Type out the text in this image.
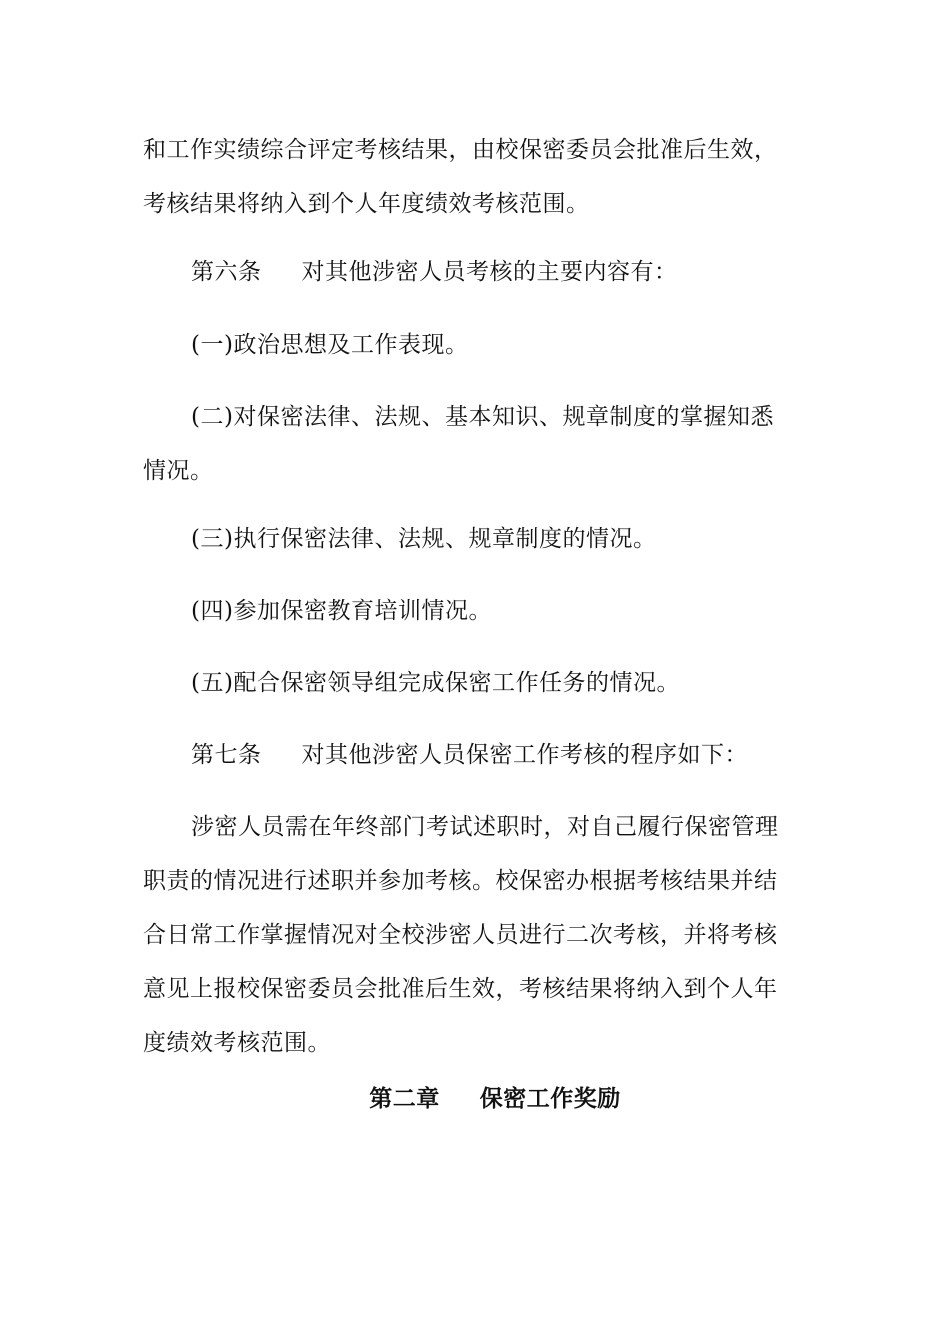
和工作实绩综合评定考核结果，由校保密委员会批准后生效，考核结果将纳入到个人年度绩效考核范围。

第六条 对其他涉密人员考核的主要内容有：

(一)政治思想及工作表现。

(二)对保密法律、法规、基本知识、规章制度的掌握知悉情况。

(三)执行保密法律、法规、规章制度的情况。

(四)参加保密教育培训情况。

(五)配合保密领导组完成保密工作任务的情况。

第七条 对其他涉密人员保密工作考核的程序如下：

涉密人员需在年终部门考试述职时，对自己履行保密管理职责的情况进行述职并参加考核。校保密办根据考核结果并结合日常工作掌握情况对全校涉密人员进行二次考核，并将考核意见上报校保密委员会批准后生效，考核结果将纳入到个人年度绩效考核范围。

第二章 保密工作奖励
